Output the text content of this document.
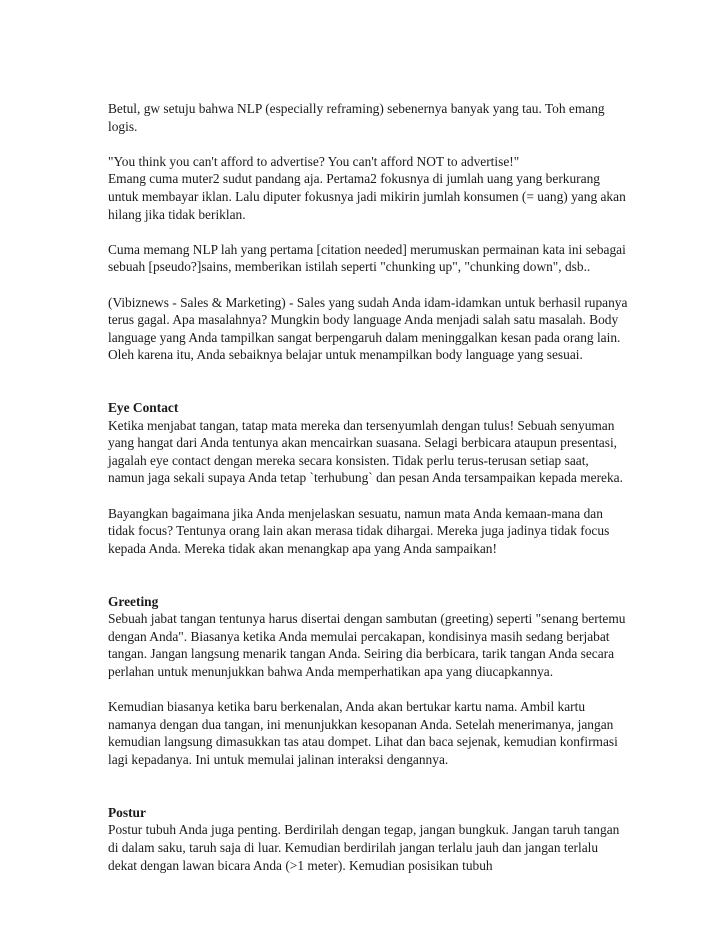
Betul, gw setuju bahwa NLP (especially reframing) sebenernya banyak yang tau. Toh emang logis.

"You think you can't afford to advertise? You can't afford NOT to advertise!"
Emang cuma muter2 sudut pandang aja. Pertama2 fokusnya di jumlah uang yang berkurang untuk membayar iklan. Lalu diputer fokusnya jadi mikirin jumlah konsumen (= uang) yang akan hilang jika tidak beriklan.

Cuma memang NLP lah yang pertama [citation needed] merumuskan permainan kata ini sebagai sebuah [pseudo?]sains, memberikan istilah seperti "chunking up", "chunking down", dsb..

(Vibiznews - Sales & Marketing) - Sales yang sudah Anda idam-idamkan untuk berhasil rupanya terus gagal. Apa masalahnya? Mungkin body language Anda menjadi salah satu masalah. Body language yang Anda tampilkan sangat berpengaruh dalam meninggalkan kesan pada orang lain. Oleh karena itu, Anda sebaiknya belajar untuk menampilkan body language yang sesuai.

Eye Contact
Ketika menjabat tangan, tatap mata mereka dan tersenyumlah dengan tulus! Sebuah senyuman yang hangat dari Anda tentunya akan mencairkan suasana. Selagi berbicara ataupun presentasi, jagalah eye contact dengan mereka secara konsisten. Tidak perlu terus-terusan setiap saat, namun jaga sekali supaya Anda tetap `terhubung` dan pesan Anda tersampaikan kepada mereka.

Bayangkan bagaimana jika Anda menjelaskan sesuatu, namun mata Anda kemaan-mana dan tidak focus? Tentunya orang lain akan merasa tidak dihargai. Mereka juga jadinya tidak focus kepada Anda. Mereka tidak akan menangkap apa yang Anda sampaikan!

Greeting
Sebuah jabat tangan tentunya harus disertai dengan sambutan (greeting) seperti "senang bertemu dengan Anda". Biasanya ketika Anda memulai percakapan, kondisinya masih sedang berjabat tangan. Jangan langsung menarik tangan Anda. Seiring dia berbicara, tarik tangan Anda secara perlahan untuk menunjukkan bahwa Anda memperhatikan apa yang diucapkannya.

Kemudian biasanya ketika baru berkenalan, Anda akan bertukar kartu nama. Ambil kartu namanya dengan dua tangan, ini menunjukkan kesopanan Anda. Setelah menerimanya, jangan kemudian langsung dimasukkan tas atau dompet. Lihat dan baca sejenak, kemudian konfirmasi lagi kepadanya. Ini untuk memulai jalinan interaksi dengannya.

Postur
Postur tubuh Anda juga penting. Berdirilah dengan tegap, jangan bungkuk. Jangan taruh tangan di dalam saku, taruh saja di luar. Kemudian berdirilah jangan terlalu jauh dan jangan terlalu dekat dengan lawan bicara Anda (>1 meter). Kemudian posisikan tubuh
